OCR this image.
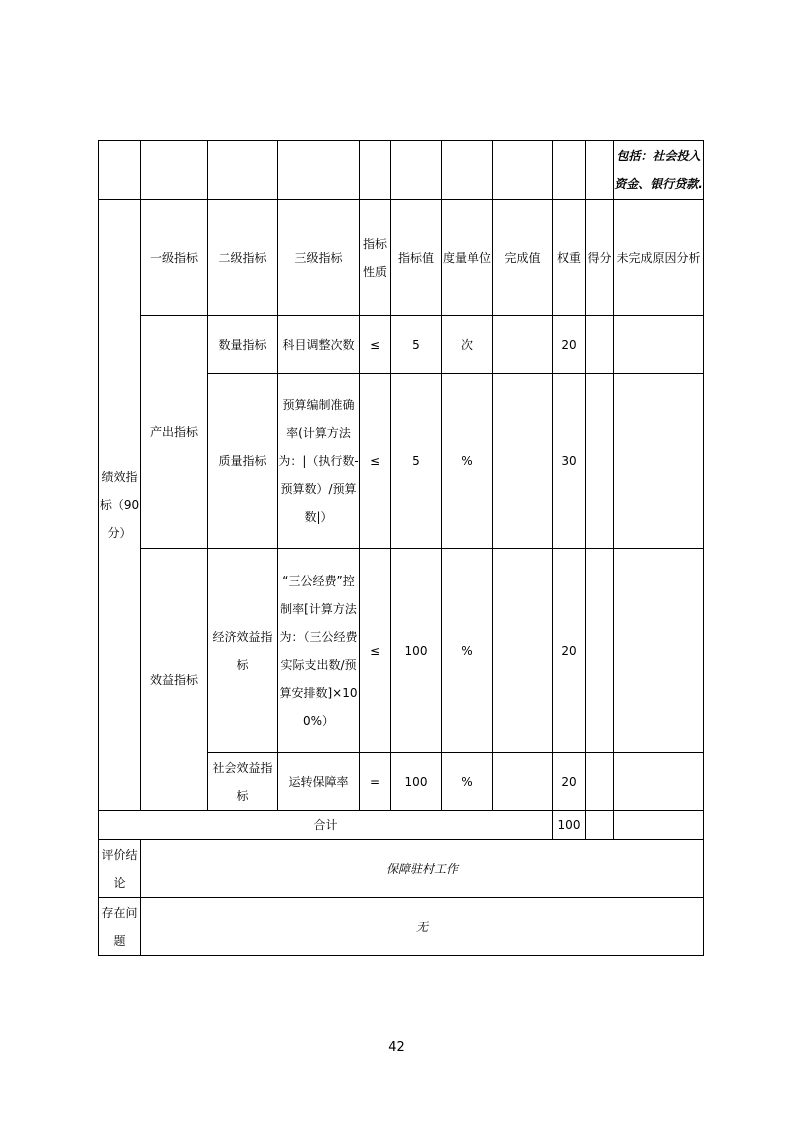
										包括：社会投入资金、银行贷款.

绩效指标（90分）	一级指标	二级指标	三级指标	指标性质	指标值	度量单位	完成值	权重	得分	未完成原因分析
	产出指标	数量指标	科目调整次数	≤	5	次		20		
		质量指标	预算编制准确率(计算方法为：|（执行数-预算数）/预算数|）	≤	5	%		30		
	效益指标	经济效益指标	“三公经费”控制率[计算方法为：（三公经费实际支出数/预算安排数]×100%）	≤	100	%		20		
		社会效益指标	运转保障率	=	100	%		20		
合计								100		
评价结论	保障驻村工作									
存在问题	无									
42
